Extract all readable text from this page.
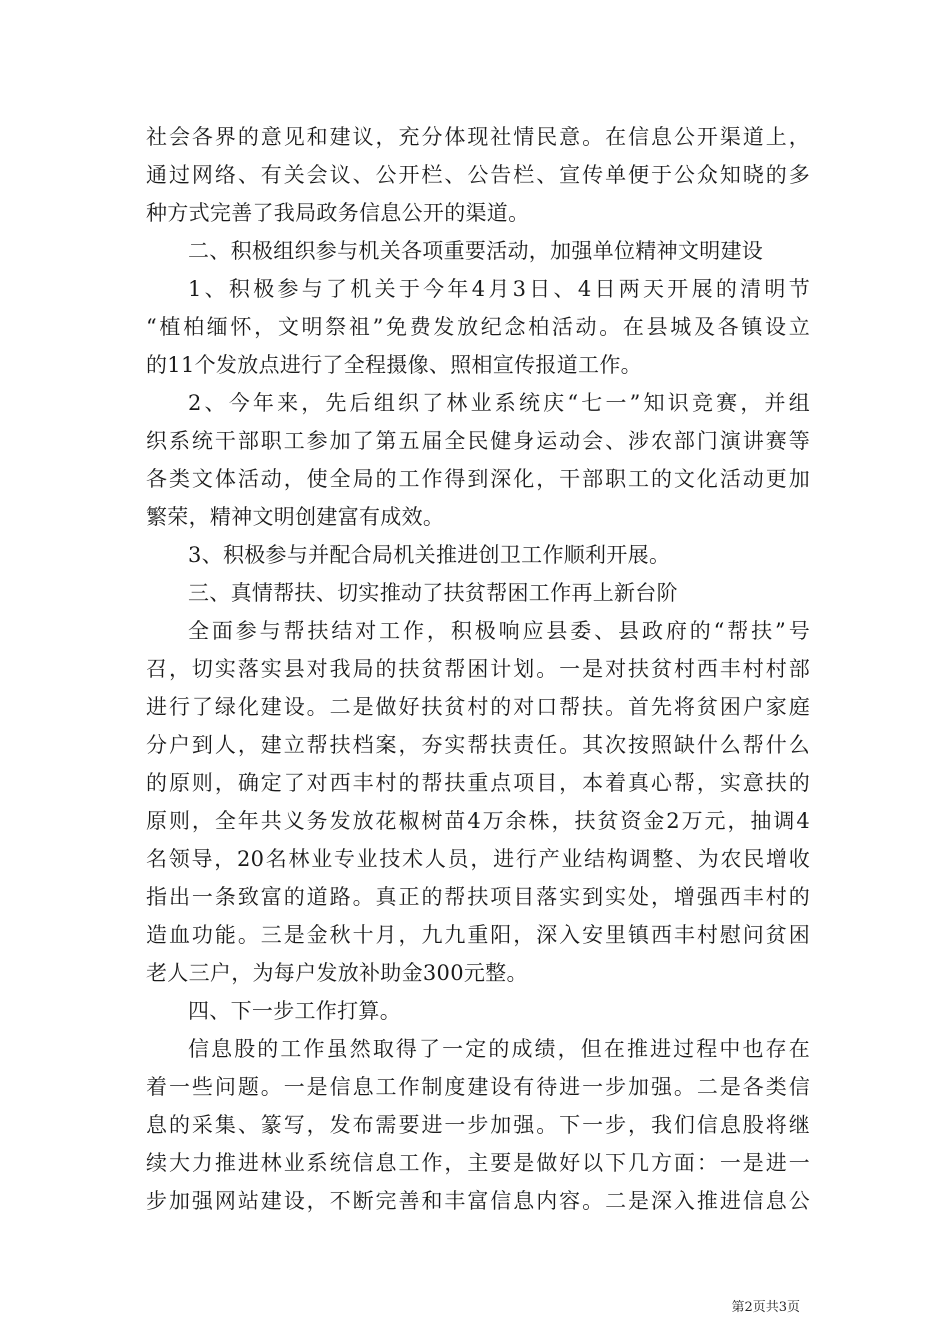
社会各界的意见和建议，充分体现社情民意。在信息公开渠道上，
通过网络、有关会议、公开栏、公告栏、宣传单便于公众知晓的多
种方式完善了我局政务信息公开的渠道。
二、积极组织参与机关各项重要活动，加强单位精神文明建设
1、积极参与了机关于今年4月3日、4日两天开展的清明节
“植柏缅怀，文明祭祖”免费发放纪念柏活动。在县城及各镇设立
的11个发放点进行了全程摄像、照相宣传报道工作。
2、今年来，先后组织了林业系统庆“七一”知识竞赛，并组
织系统干部职工参加了第五届全民健身运动会、涉农部门演讲赛等
各类文体活动，使全局的工作得到深化，干部职工的文化活动更加
繁荣，精神文明创建富有成效。
3、积极参与并配合局机关推进创卫工作顺利开展。
三、真情帮扶、切实推动了扶贫帮困工作再上新台阶
全面参与帮扶结对工作，积极响应县委、县政府的“帮扶”号
召，切实落实县对我局的扶贫帮困计划。一是对扶贫村西丰村村部
进行了绿化建设。二是做好扶贫村的对口帮扶。首先将贫困户家庭
分户到人，建立帮扶档案，夯实帮扶责任。其次按照缺什么帮什么
的原则，确定了对西丰村的帮扶重点项目，本着真心帮，实意扶的
原则，全年共义务发放花椒树苗4万余株，扶贫资金2万元，抽调4
名领导，20名林业专业技术人员，进行产业结构调整、为农民增收
指出一条致富的道路。真正的帮扶项目落实到实处，增强西丰村的
造血功能。三是金秋十月，九九重阳，深入安里镇西丰村慰问贫困
老人三户，为每户发放补助金300元整。
四、下一步工作打算。
信息股的工作虽然取得了一定的成绩，但在推进过程中也存在
着一些问题。一是信息工作制度建设有待进一步加强。二是各类信
息的采集、篆写，发布需要进一步加强。下一步，我们信息股将继
续大力推进林业系统信息工作，主要是做好以下几方面：一是进一
步加强网站建设，不断完善和丰富信息内容。二是深入推进信息公
第2页共3页
